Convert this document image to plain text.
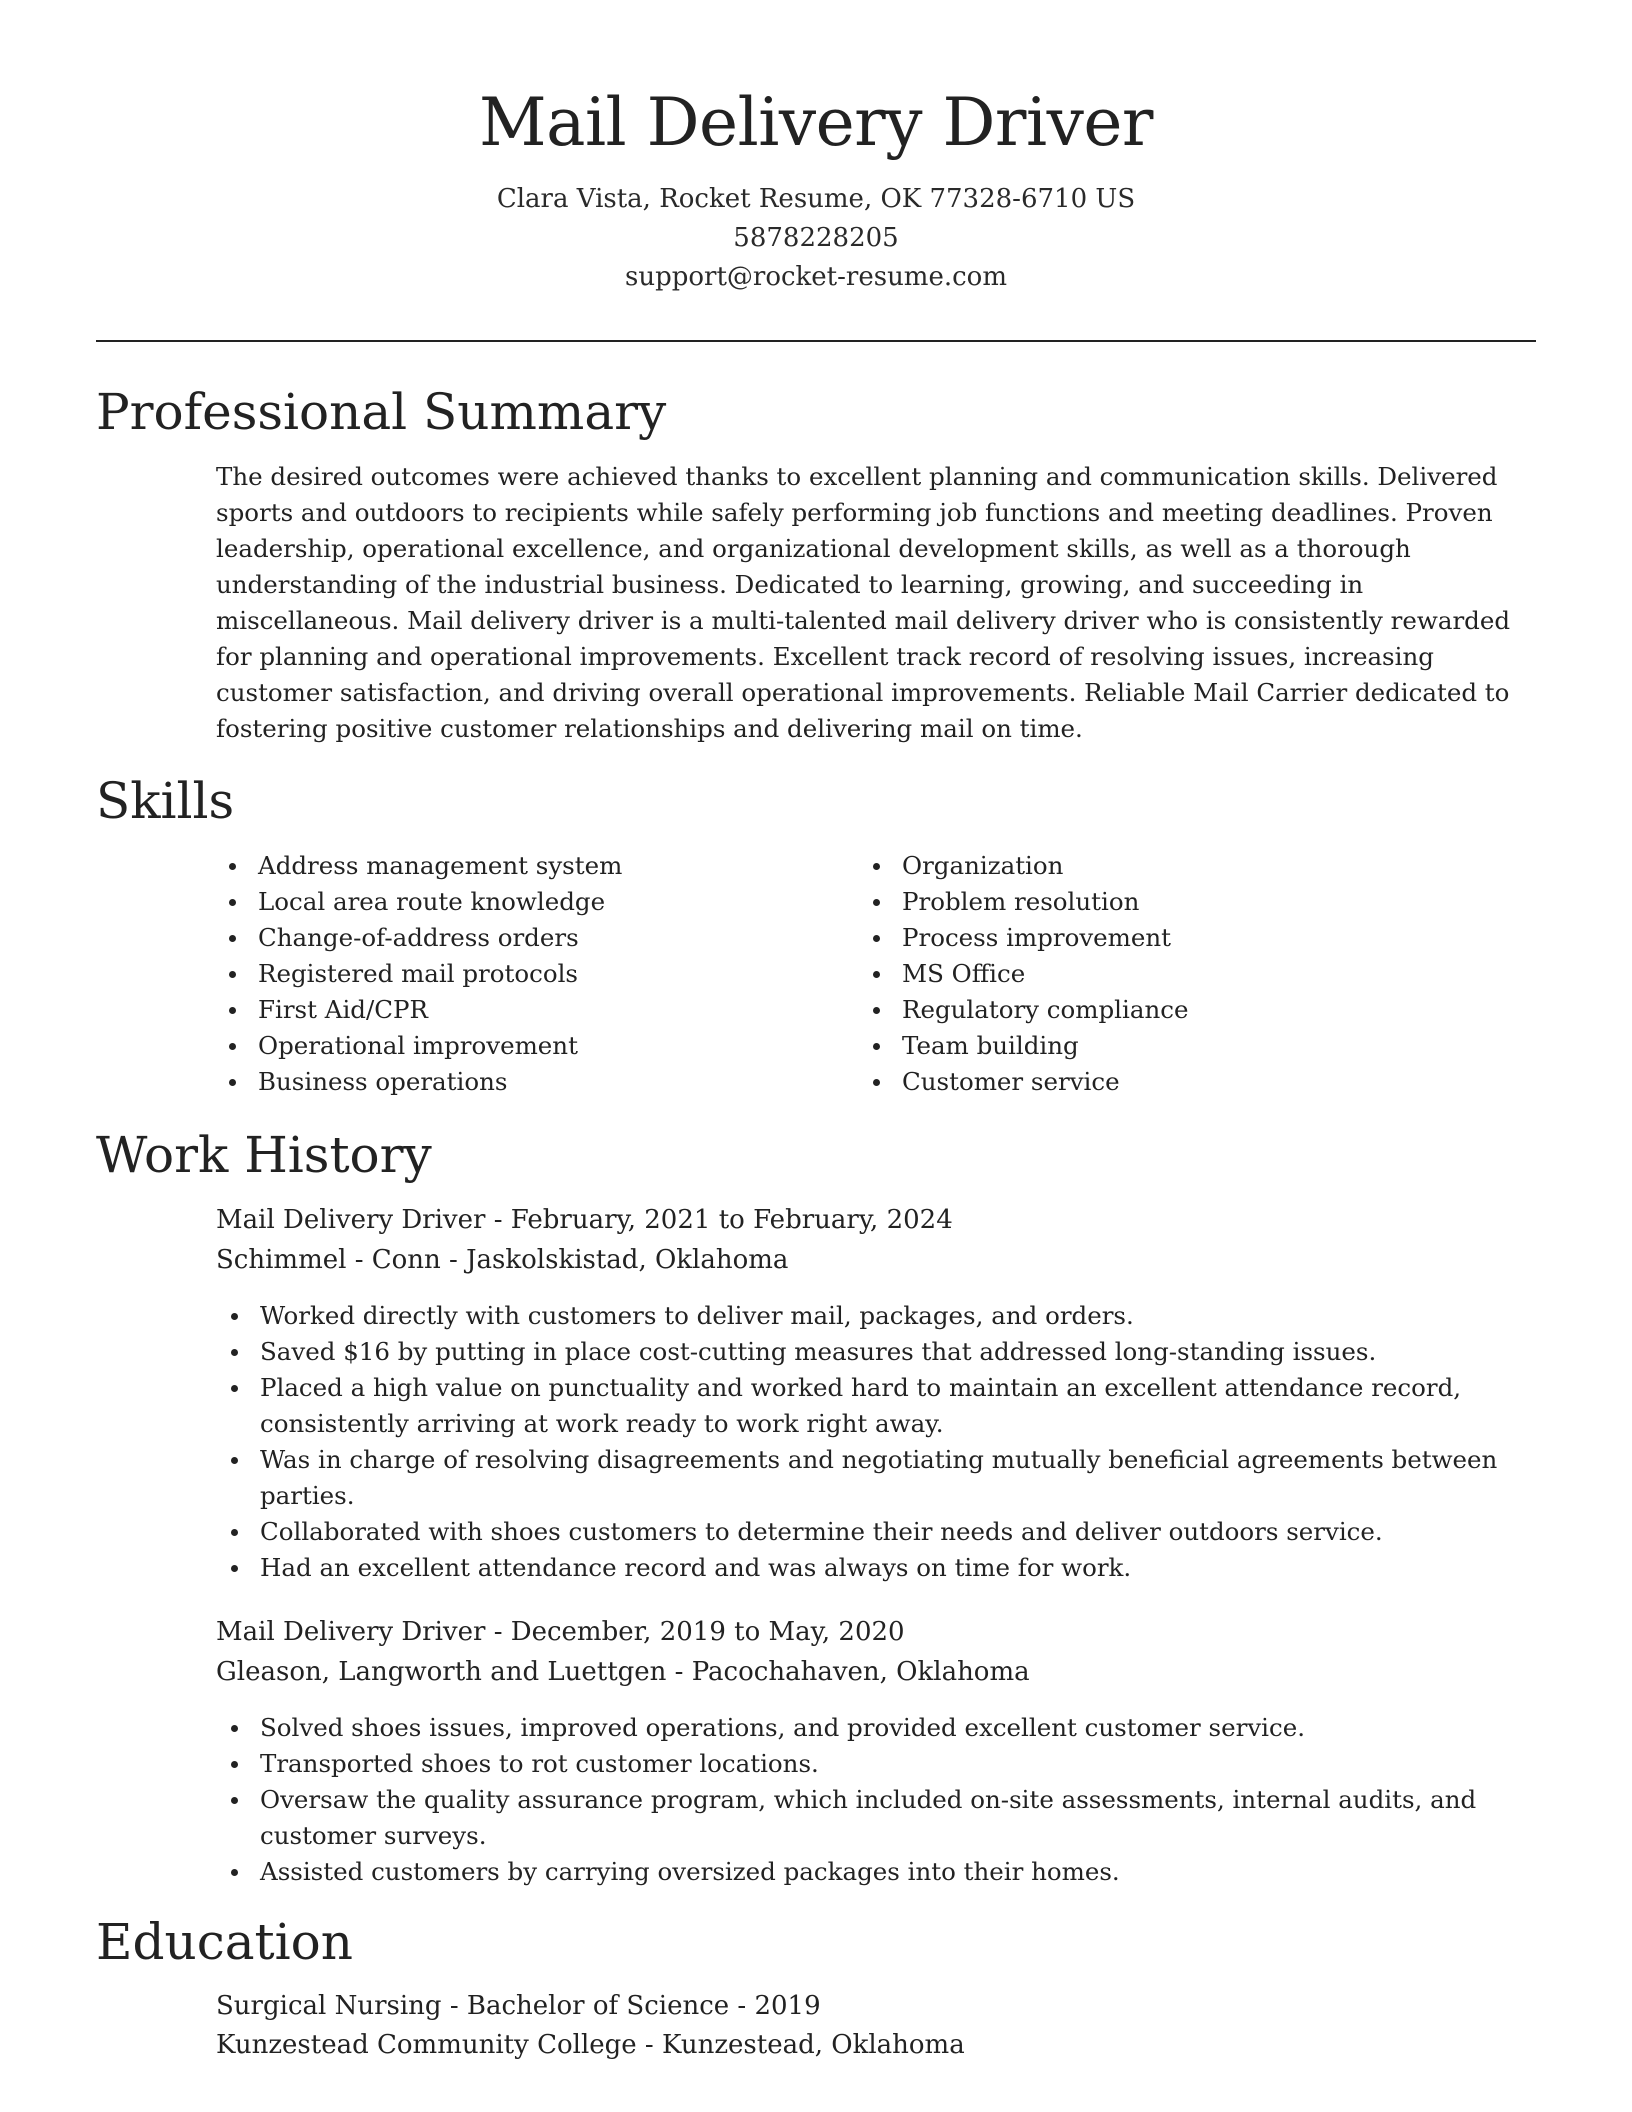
Mail Delivery Driver
Clara Vista, Rocket Resume, OK 77328-6710 US
5878228205
support@rocket-resume.com
Professional Summary

The desired outcomes were achieved thanks to excellent planning and communication skills. Delivered sports and outdoors to recipients while safely performing job functions and meeting deadlines. Proven leadership, operational excellence, and organizational development skills, as well as a thorough understanding of the industrial business. Dedicated to learning, growing, and succeeding in miscellaneous. Mail delivery driver is a multi-talented mail delivery driver who is consistently rewarded for planning and operational improvements. Excellent track record of resolving issues, increasing customer satisfaction, and driving overall operational improvements. Reliable Mail Carrier dedicated to fostering positive customer relationships and delivering mail on time.

Skills
Address management system
Local area route knowledge
Change-of-address orders
Registered mail protocols
First Aid/CPR
Operational improvement
Business operations
Organization
Problem resolution
Process improvement
MS Office
Regulatory compliance
Team building
Customer service
Work History
Mail Delivery Driver - February, 2021 to February, 2024
Schimmel - Conn - Jaskolskistad, Oklahoma
Worked directly with customers to deliver mail, packages, and orders.
Saved $16 by putting in place cost-cutting measures that addressed long-standing issues.
Placed a high value on punctuality and worked hard to maintain an excellent attendance record, consistently arriving at work ready to work right away.
Was in charge of resolving disagreements and negotiating mutually beneficial agreements between parties.
Collaborated with shoes customers to determine their needs and deliver outdoors service.
Had an excellent attendance record and was always on time for work.
Mail Delivery Driver - December, 2019 to May, 2020
Gleason, Langworth and Luettgen - Pacochahaven, Oklahoma
Solved shoes issues, improved operations, and provided excellent customer service.
Transported shoes to rot customer locations.
Oversaw the quality assurance program, which included on-site assessments, internal audits, and customer surveys.
Assisted customers by carrying oversized packages into their homes.
Education
Surgical Nursing - Bachelor of Science - 2019
Kunzestead Community College - Kunzestead, Oklahoma
